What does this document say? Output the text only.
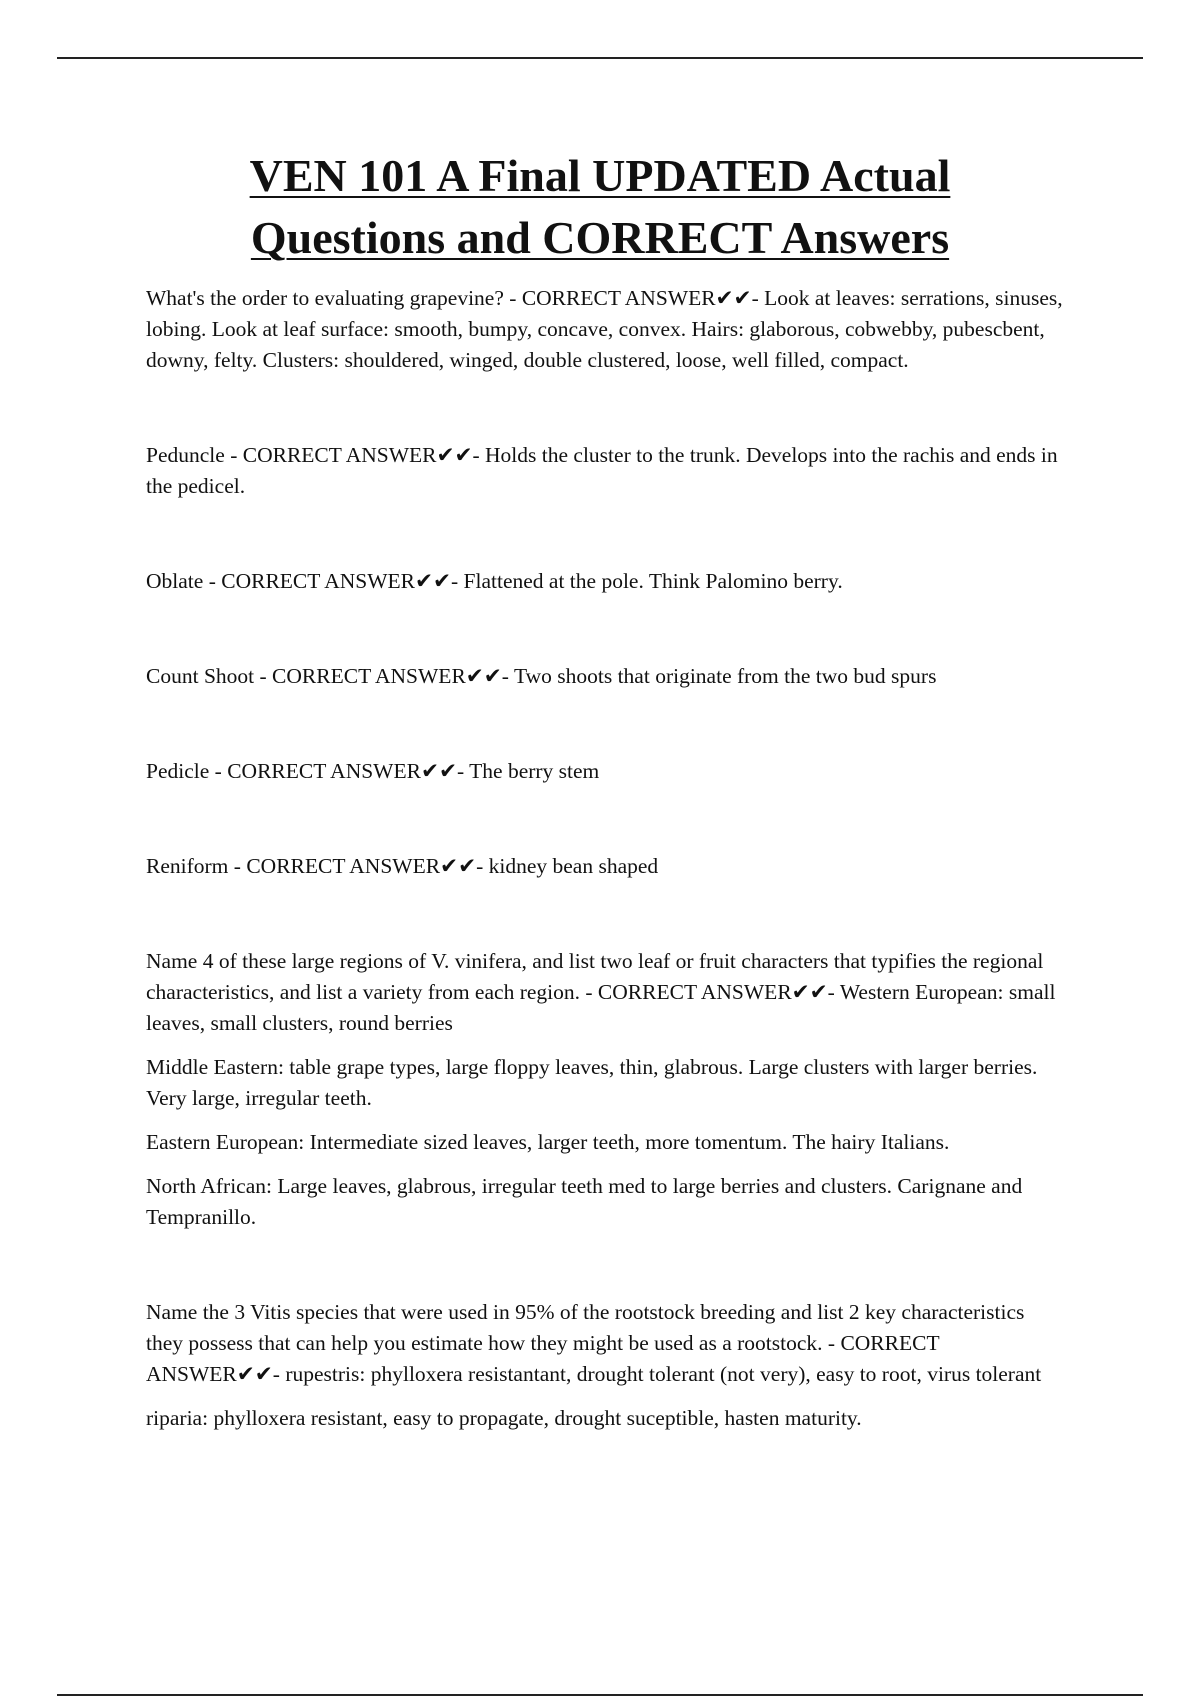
VEN 101 A Final UPDATED Actual
Questions and CORRECT Answers

What's the order to evaluating grapevine? - CORRECT ANSWER✔✔- Look at leaves: serrations, sinuses, lobing. Look at leaf surface: smooth, bumpy, concave, convex. Hairs: glaborous, cobwebby, pubescbent, downy, felty. Clusters: shouldered, winged, double clustered, loose, well filled, compact.

Peduncle - CORRECT ANSWER✔✔- Holds the cluster to the trunk. Develops into the rachis and ends in the pedicel.

Oblate - CORRECT ANSWER✔✔- Flattened at the pole. Think Palomino berry.

Count Shoot - CORRECT ANSWER✔✔- Two shoots that originate from the two bud spurs

Pedicle - CORRECT ANSWER✔✔- The berry stem

Reniform - CORRECT ANSWER✔✔- kidney bean shaped

Name 4 of these large regions of V. vinifera, and list two leaf or fruit characters that typifies the regional characteristics, and list a variety from each region. - CORRECT ANSWER✔✔- Western European: small leaves, small clusters, round berries

Middle Eastern: table grape types, large floppy leaves, thin, glabrous. Large clusters with larger berries. Very large, irregular teeth.

Eastern European: Intermediate sized leaves, larger teeth, more tomentum. The hairy Italians.

North African: Large leaves, glabrous, irregular teeth med to large berries and clusters. Carignane and Tempranillo.

Name the 3 Vitis species that were used in 95% of the rootstock breeding and list 2 key characteristics they possess that can help you estimate how they might be used as a rootstock. - CORRECT ANSWER✔✔- rupestris: phylloxera resistantant, drought tolerant (not very), easy to root, virus tolerant

riparia: phylloxera resistant, easy to propagate, drought suceptible, hasten maturity.
